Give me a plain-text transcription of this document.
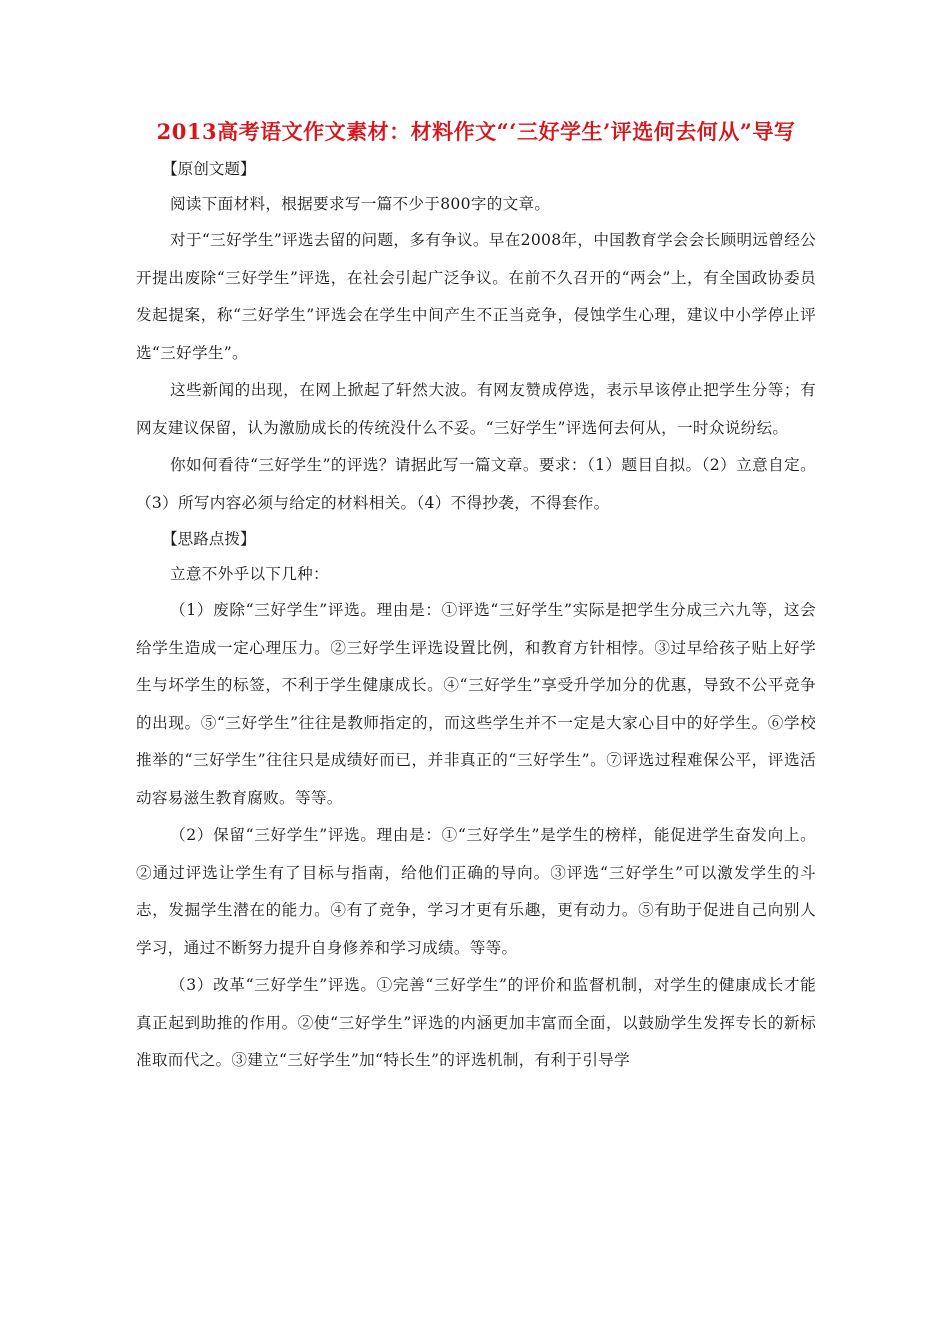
2013高考语文作文素材：材料作文“‘三好学生’评选何去何从”导写

【原创文题】

阅读下面材料，根据要求写一篇不少于800字的文章。

对于“三好学生”评选去留的问题，多有争议。早在2008年，中国教育学会会长顾明远曾经公开提出废除“三好学生”评选，在社会引起广泛争议。在前不久召开的“两会”上，有全国政协委员发起提案，称“三好学生”评选会在学生中间产生不正当竞争，侵蚀学生心理，建议中小学停止评选“三好学生”。

这些新闻的出现，在网上掀起了轩然大波。有网友赞成停选，表示早该停止把学生分等；有网友建议保留，认为激励成长的传统没什么不妥。“三好学生”评选何去何从，一时众说纷纭。

你如何看待“三好学生”的评选？请据此写一篇文章。要求：（1）题目自拟。（2）立意自定。（3）所写内容必须与给定的材料相关。（4）不得抄袭，不得套作。

【思路点拨】

立意不外乎以下几种：

（1）废除“三好学生”评选。理由是：①评选“三好学生”实际是把学生分成三六九等，这会给学生造成一定心理压力。②三好学生评选设置比例，和教育方针相悖。③过早给孩子贴上好学生与坏学生的标签，不利于学生健康成长。④“三好学生”享受升学加分的优惠，导致不公平竞争的出现。⑤“三好学生”往往是教师指定的，而这些学生并不一定是大家心目中的好学生。⑥学校推举的“三好学生”往往只是成绩好而已，并非真正的“三好学生”。⑦评选过程难保公平，评选活动容易滋生教育腐败。等等。

（2）保留“三好学生”评选。理由是：①“三好学生”是学生的榜样，能促进学生奋发向上。②通过评选让学生有了目标与指南，给他们正确的导向。③评选“三好学生”可以激发学生的斗志，发掘学生潜在的能力。④有了竞争，学习才更有乐趣，更有动力。⑤有助于促进自己向别人学习，通过不断努力提升自身修养和学习成绩。等等。

（3）改革“三好学生”评选。①完善“三好学生”的评价和监督机制，对学生的健康成长才能真正起到助推的作用。②使“三好学生”评选的内涵更加丰富而全面，以鼓励学生发挥专长的新标准取而代之。③建立“三好学生”加“特长生”的评选机制，有利于引导学
